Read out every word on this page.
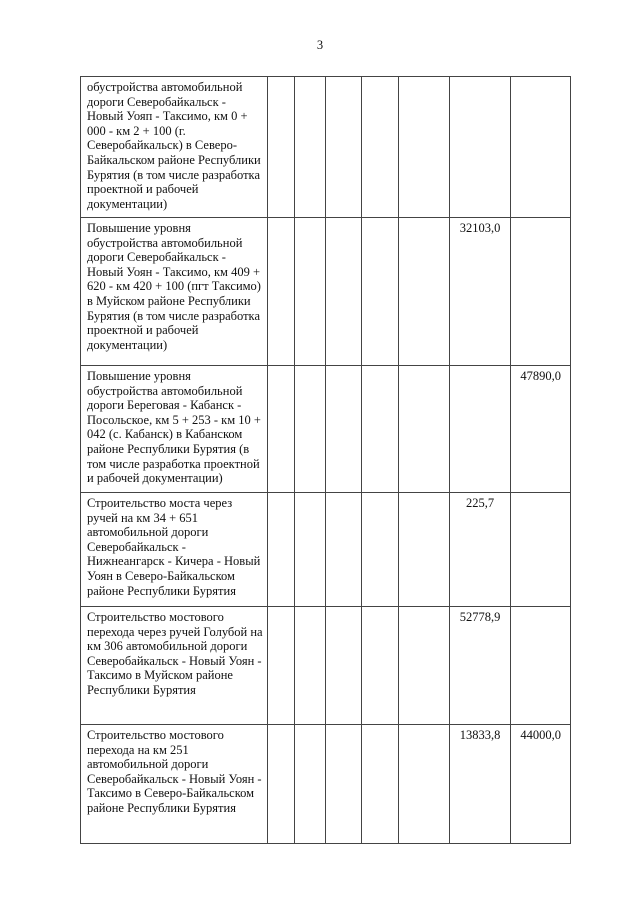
3
обустройства автомобильной дороги Северобайкальск - Новый Уояп - Таксимо, км 0 + 000 - км 2 + 100 (г. Северобайкальск) в Северо-Байкальском районе Республики Бурятия (в том числе разработка проектной и рабочей документации)							
Повышение уровня обустройства автомобильной дороги Северобайкальск - Новый Уоян - Таксимо, км 409 + 620 - км 420 + 100 (пгт Таксимо) в Муйском районе Республики Бурятия (в том числе разработка проектной и рабочей документации)						32103,0	
Повышение уровня обустройства автомобильной дороги Береговая - Кабанск - Посольское, км 5 + 253 - км 10 + 042 (с. Кабанск) в Кабанском районе Республики Бурятия (в том числе разработка проектной и рабочей документации)							47890,0
Строительство моста через ручей на км 34 + 651 автомобильной дороги Северобайкальск - Нижнеангарск - Кичера - Новый Уоян в Северо-Байкальском районе Республики Бурятия						225,7	
Строительство мостового перехода через ручей Голубой на км 306 автомобильной дороги Северобайкальск - Новый Уоян - Таксимо в Муйском районе Республики Бурятия						52778,9	
Строительство мостового перехода на км 251 автомобильной дороги Северобайкальск - Новый Уоян - Таксимо в Северо-Байкальском районе Республики Бурятия						13833,8	44000,0
